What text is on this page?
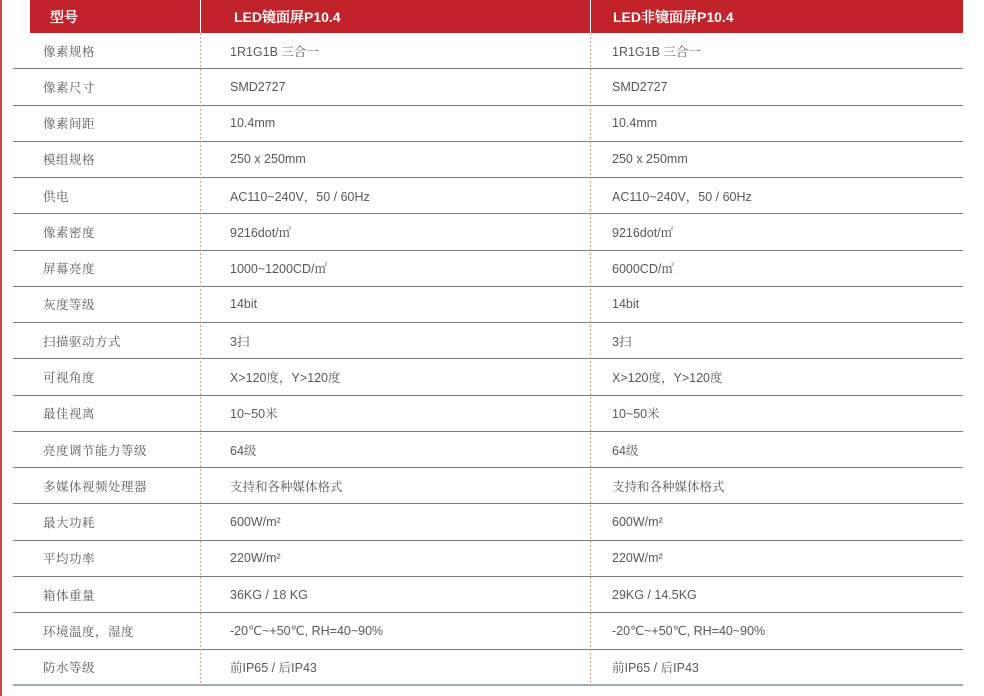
型号	LED镜面屏P10.4	LED非镜面屏P10.4
像素规格	1R1G1B 三合一	1R1G1B 三合一
像素尺寸	SMD2727	SMD2727
像素间距	10.4mm	10.4mm
模组规格	250 x 250mm	250 x 250mm
供电	AC110~240V，50 / 60Hz	AC110~240V，50 / 60Hz
像素密度	9216dot/㎡	9216dot/㎡
屏幕亮度	1000~1200CD/㎡	6000CD/㎡
灰度等级	14bit	14bit
扫描驱动方式	3扫	3扫
可视角度	X>120度，Y>120度	X>120度，Y>120度
最佳视离	10~50米	10~50米
亮度调节能力等级	64级	64级
多媒体视频处理器	支持和各种媒体格式	支持和各种媒体格式
最大功耗	600W/m²	600W/m²
平均功率	220W/m²	220W/m²
箱体重量	36KG / 18 KG	29KG / 14.5KG
环境温度，湿度	-20℃~+50℃, RH=40~90%	-20℃~+50℃, RH=40~90%
防水等级	前IP65 / 后IP43	前IP65 / 后IP43
